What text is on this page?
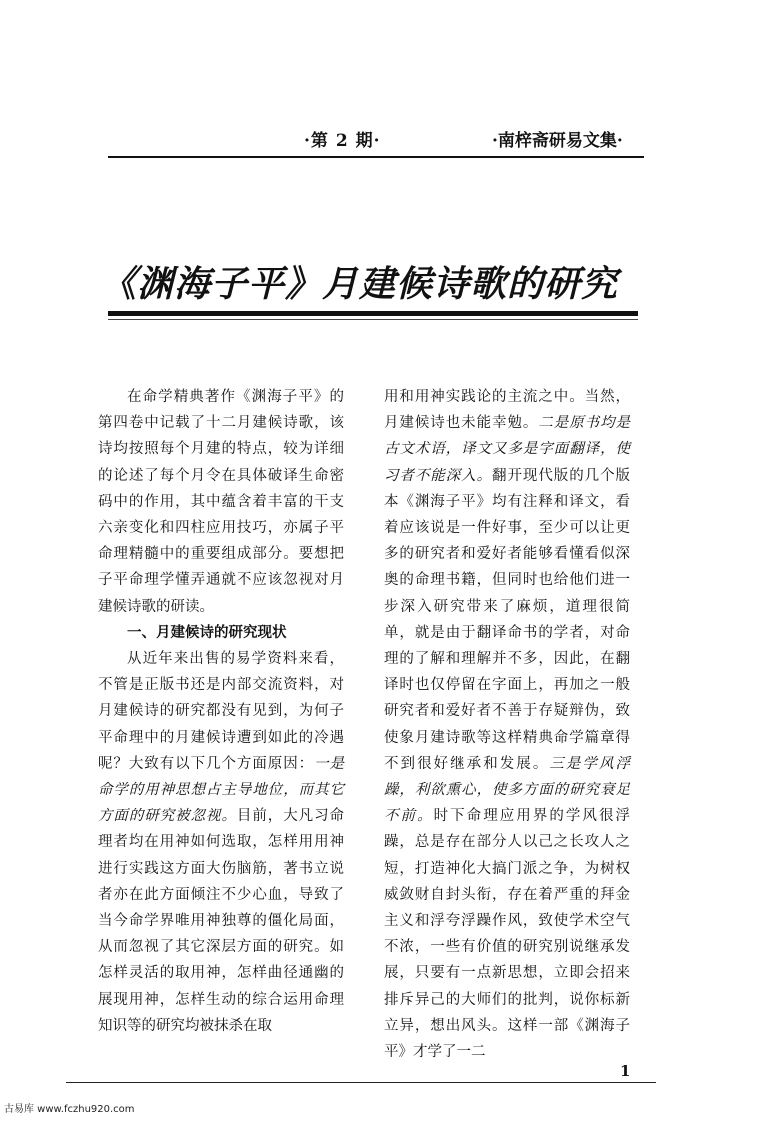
·第 2 期·	·南梓斋研易文集·
《渊海子平》月建候诗歌的研究

在命学精典著作《渊海子平》的第四卷中记载了十二月建候诗歌，该诗均按照每个月建的特点，较为详细的论述了每个月令在具体破译生命密码中的作用，其中蕴含着丰富的干支六亲变化和四柱应用技巧，亦属子平命理精髓中的重要组成部分。要想把子平命理学懂弄通就不应该忽视对月建候诗歌的研读。

一、月建候诗的研究现状

从近年来出售的易学资料来看，不管是正版书还是内部交流资料，对月建候诗的研究都没有见到，为何子平命理中的月建候诗遭到如此的冷遇呢？大致有以下几个方面原因：一是命学的用神思想占主导地位，而其它方面的研究被忽视。目前，大凡习命理者均在用神如何选取，怎样用用神进行实践这方面大伤脑筋，著书立说者亦在此方面倾注不少心血，导致了当今命学界唯用神独尊的僵化局面，从而忽视了其它深层方面的研究。如怎样灵活的取用神，怎样曲径通幽的展现用神，怎样生动的综合运用命理知识等的研究均被抹杀在取

用和用神实践论的主流之中。当然，月建候诗也未能幸勉。二是原书均是古文术语，译文又多是字面翻译，使习者不能深入。翻开现代版的几个版本《渊海子平》均有注释和译文，看着应该说是一件好事，至少可以让更多的研究者和爱好者能够看懂看似深奥的命理书籍，但同时也给他们进一步深入研究带来了麻烦，道理很简单，就是由于翻译命书的学者，对命理的了解和理解并不多，因此，在翻译时也仅停留在字面上，再加之一般研究者和爱好者不善于存疑辩伪，致使象月建诗歌等这样精典命学篇章得不到很好继承和发展。三是学风浮躁，利欲熏心，使多方面的研究衰足不前。时下命理应用界的学风很浮躁，总是存在部分人以己之长攻人之短，打造神化大搞门派之争，为树权威敛财自封头衔，存在着严重的拜金主义和浮夸浮躁作风，致使学术空气不浓，一些有价值的研究别说继承发展，只要有一点新思想，立即会招来排斥异己的大师们的批判，说你标新立异，想出风头。这样一部《渊海子平》才学了一二

1
古易库 www.fczhu920.com
